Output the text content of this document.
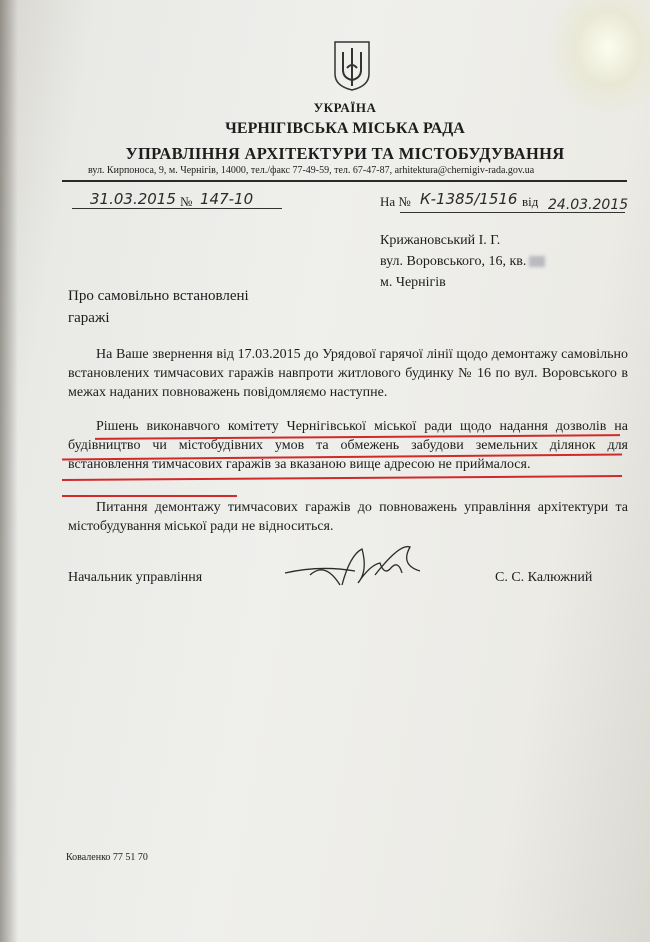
УКРАЇНА
ЧЕРНІГІВСЬКА МІСЬКА РАДА
УПРАВЛІННЯ АРХІТЕКТУРИ ТА МІСТОБУДУВАННЯ
вул. Кирпоноса, 9, м. Чернігів, 14000, тел./факс 77-49-59, тел. 67-47-87, arhitektura@chernigiv-rada.gov.ua
31.03.2015 № 147-10	На № К-1385/1516 від 24.03.2015
Крижановський І. Г.
вул. Воровського, 16, кв.
м. Чернігів
Про самовільно встановлені
гаражі
На Ваше звернення від 17.03.2015 до Урядової гарячої лінії щодо демонтажу самовільно встановлених тимчасових гаражів навпроти житлового будинку № 16 по вул. Воровського в межах наданих повноважень повідомляємо наступне.
Рішень виконавчого комітету Чернігівської міської ради щодо надання дозволів на будівництво чи містобудівних умов та обмежень забудови земельних ділянок для встановлення тимчасових гаражів за вказаною вище адресою не приймалося.
Питання демонтажу тимчасових гаражів до повноважень управління архітектури та містобудування міської ради не відноситься.
Начальник управління	С. С. Калюжний
Коваленко 77 51 70
